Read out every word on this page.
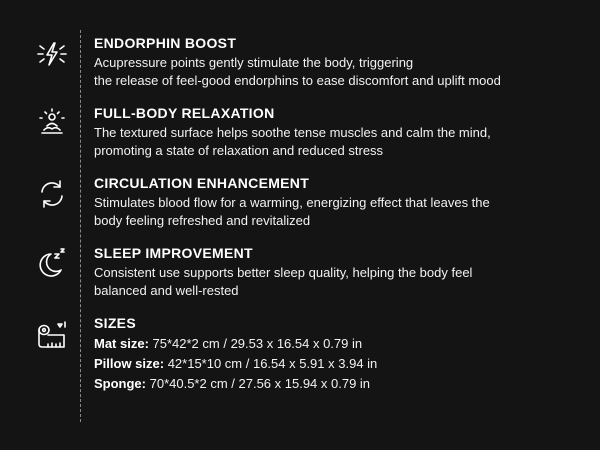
ENDORPHIN BOOST
Acupressure points gently stimulate the body, triggering
the release of feel-good endorphins to ease discomfort and uplift mood
FULL-BODY RELAXATION
The textured surface helps soothe tense muscles and calm the mind,
promoting a state of relaxation and reduced stress
CIRCULATION ENHANCEMENT
Stimulates blood flow for a warming, energizing effect that leaves the
body feeling refreshed and revitalized
SLEEP IMPROVEMENT
Consistent use supports better sleep quality, helping the body feel
balanced and well-rested
SIZES
Mat size: 75*42*2 cm / 29.53 x 16.54 x 0.79 in
Pillow size: 42*15*10 cm / 16.54 x 5.91 x 3.94 in
Sponge: 70*40.5*2 cm / 27.56 x 15.94 x 0.79 in
